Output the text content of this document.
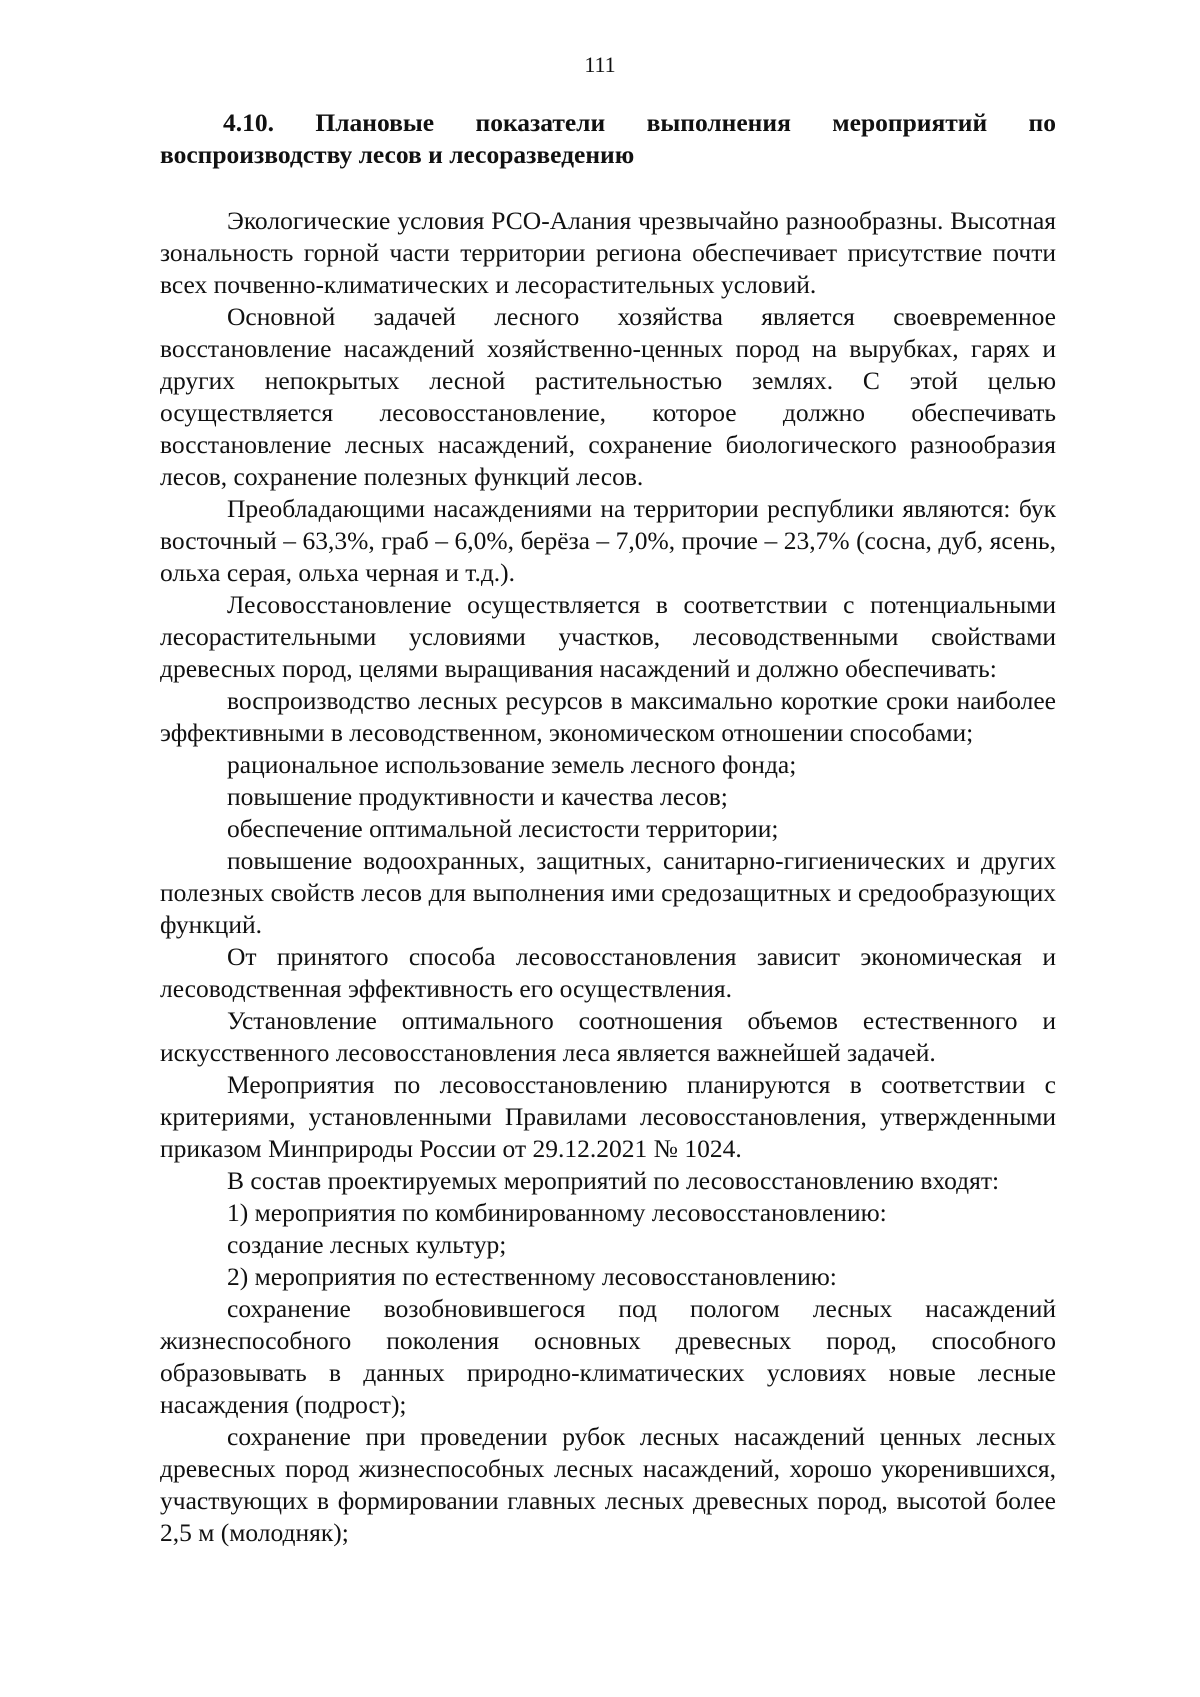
111
4.10. Плановые показатели выполнения мероприятий по воспроизводству лесов и лесоразведению

Экологические условия РСО-Алания чрезвычайно разнообразны. Высотная зональность горной части территории региона обеспечивает присутствие почти всех почвенно-климатических и лесорастительных условий.

Основной задачей лесного хозяйства является своевременное восстановление насаждений хозяйственно-ценных пород на вырубках, гарях и других непокрытых лесной растительностью землях. С этой целью осуществляется лесовосстановление, которое должно обеспечивать восстановление лесных насаждений, сохранение биологического разнообразия лесов, сохранение полезных функций лесов.

Преобладающими насаждениями на территории республики являются: бук восточный – 63,3%, граб – 6,0%, берёза – 7,0%, прочие – 23,7% (сосна, дуб, ясень, ольха серая, ольха черная и т.д.).

Лесовосстановление осуществляется в соответствии с потенциальными лесорастительными условиями участков, лесоводственными свойствами древесных пород, целями выращивания насаждений и должно обеспечивать:

воспроизводство лесных ресурсов в максимально короткие сроки наиболее эффективными в лесоводственном, экономическом отношении способами;

рациональное использование земель лесного фонда;

повышение продуктивности и качества лесов;

обеспечение оптимальной лесистости территории;

повышение водоохранных, защитных, санитарно-гигиенических и других полезных свойств лесов для выполнения ими средозащитных и средообразующих функций.

От принятого способа лесовосстановления зависит экономическая и лесоводственная эффективность его осуществления.

Установление оптимального соотношения объемов естественного и искусственного лесовосстановления леса является важнейшей задачей.

Мероприятия по лесовосстановлению планируются в соответствии с критериями, установленными Правилами лесовосстановления, утвержденными приказом Минприроды России от 29.12.2021 № 1024.

В состав проектируемых мероприятий по лесовосстановлению входят:

1) мероприятия по комбинированному лесовосстановлению:

создание лесных культур;

2) мероприятия по естественному лесовосстановлению:

сохранение возобновившегося под пологом лесных насаждений жизнеспособного поколения основных древесных пород, способного образовывать в данных природно-климатических условиях новые лесные насаждения (подрост);

сохранение при проведении рубок лесных насаждений ценных лесных древесных пород жизнеспособных лесных насаждений, хорошо укоренившихся, участвующих в формировании главных лесных древесных пород, высотой более 2,5 м (молодняк);
